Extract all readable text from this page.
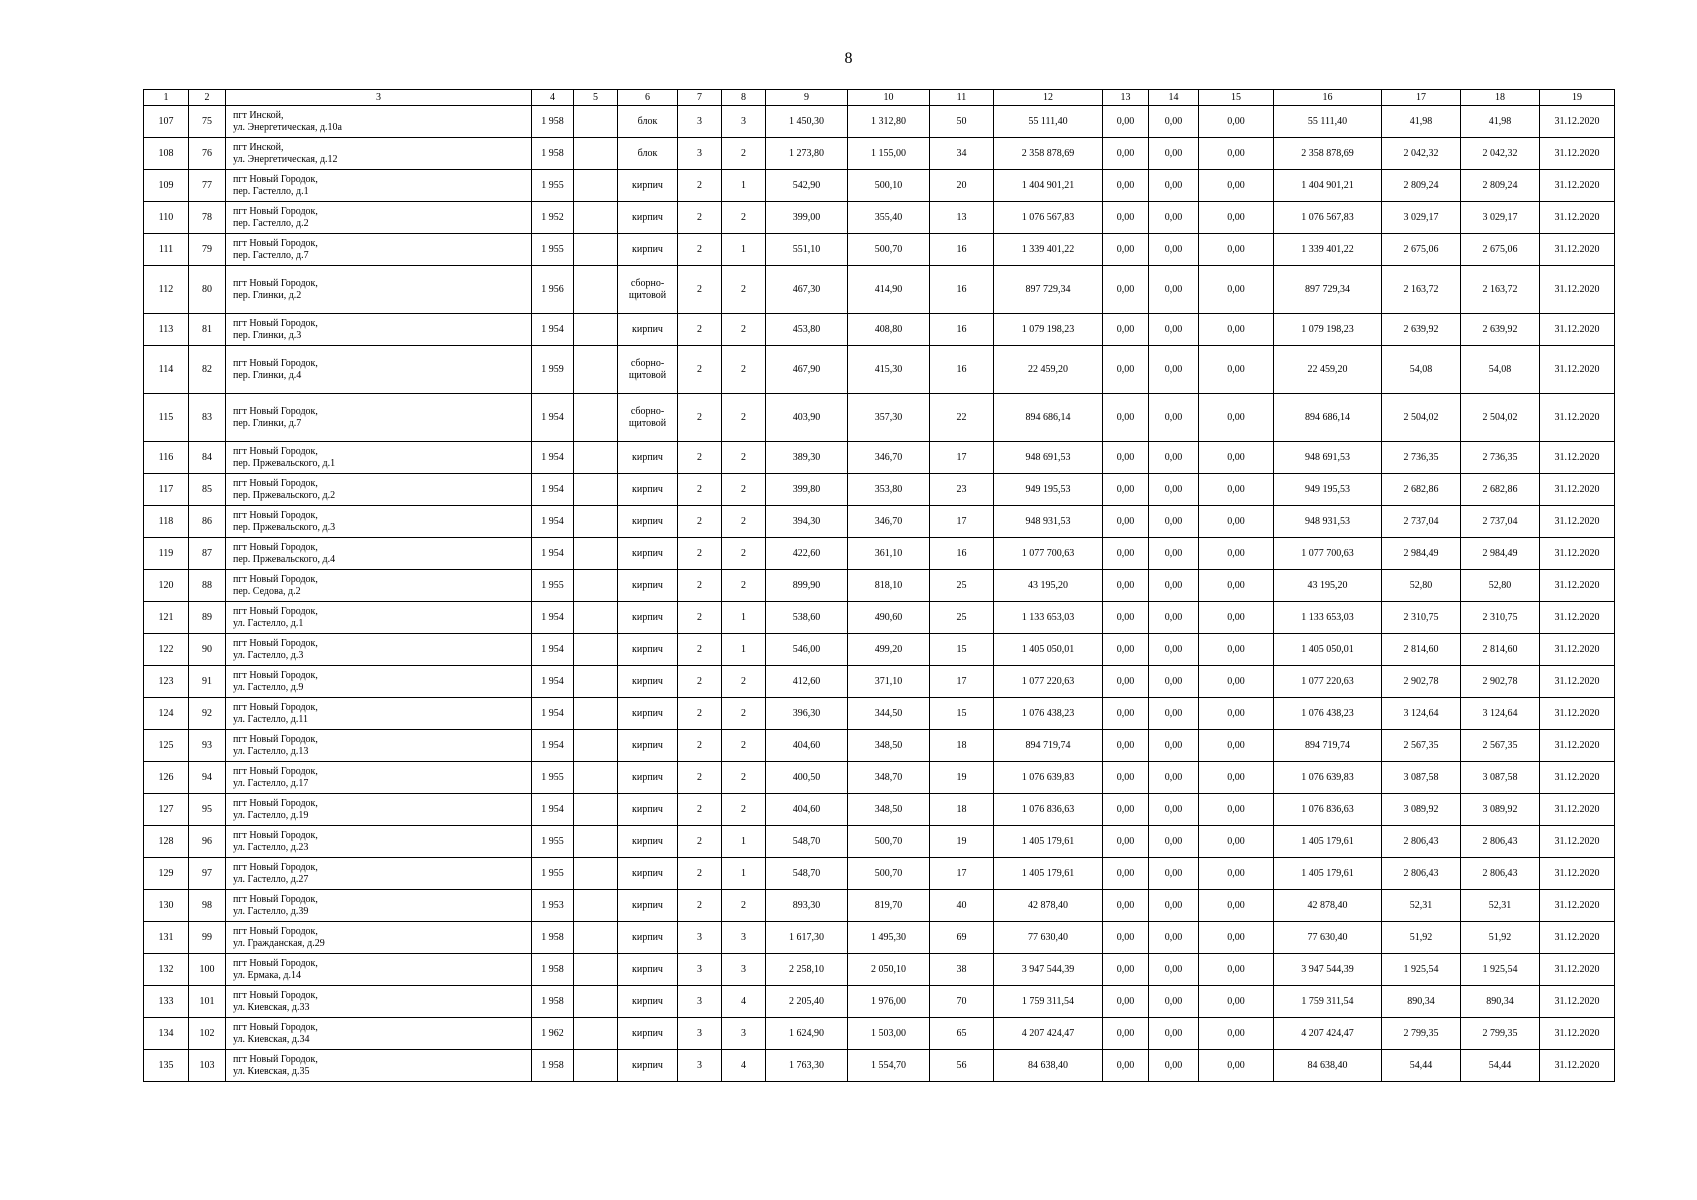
8
1	2	3	4	5	6	7	8	9	10	11	12	13	14	15	16	17	18	19
107	75	пгт Инской,
ул. Энергетическая, д.10а	1 958		блок	3	3	1 450,30	1 312,80	50	55 111,40	0,00	0,00	0,00	55 111,40	41,98	41,98	31.12.2020
108	76	пгт Инской,
ул. Энергетическая, д.12	1 958		блок	3	2	1 273,80	1 155,00	34	2 358 878,69	0,00	0,00	0,00	2 358 878,69	2 042,32	2 042,32	31.12.2020
109	77	пгт Новый Городок,
пер. Гастелло, д.1	1 955		кирпич	2	1	542,90	500,10	20	1 404 901,21	0,00	0,00	0,00	1 404 901,21	2 809,24	2 809,24	31.12.2020
110	78	пгт Новый Городок,
пер. Гастелло, д.2	1 952		кирпич	2	2	399,00	355,40	13	1 076 567,83	0,00	0,00	0,00	1 076 567,83	3 029,17	3 029,17	31.12.2020
111	79	пгт Новый Городок,
пер. Гастелло, д.7	1 955		кирпич	2	1	551,10	500,70	16	1 339 401,22	0,00	0,00	0,00	1 339 401,22	2 675,06	2 675,06	31.12.2020
112	80	пгт Новый Городок,
пер. Глинки, д.2	1 956		сборно-
щитовой	2	2	467,30	414,90	16	897 729,34	0,00	0,00	0,00	897 729,34	2 163,72	2 163,72	31.12.2020
113	81	пгт Новый Городок,
пер. Глинки, д.3	1 954		кирпич	2	2	453,80	408,80	16	1 079 198,23	0,00	0,00	0,00	1 079 198,23	2 639,92	2 639,92	31.12.2020
114	82	пгт Новый Городок,
пер. Глинки, д.4	1 959		сборно-
щитовой	2	2	467,90	415,30	16	22 459,20	0,00	0,00	0,00	22 459,20	54,08	54,08	31.12.2020
115	83	пгт Новый Городок,
пер. Глинки, д.7	1 954		сборно-
щитовой	2	2	403,90	357,30	22	894 686,14	0,00	0,00	0,00	894 686,14	2 504,02	2 504,02	31.12.2020
116	84	пгт Новый Городок,
пер. Пржевальского, д.1	1 954		кирпич	2	2	389,30	346,70	17	948 691,53	0,00	0,00	0,00	948 691,53	2 736,35	2 736,35	31.12.2020
117	85	пгт Новый Городок,
пер. Пржевальского, д.2	1 954		кирпич	2	2	399,80	353,80	23	949 195,53	0,00	0,00	0,00	949 195,53	2 682,86	2 682,86	31.12.2020
118	86	пгт Новый Городок,
пер. Пржевальского, д.3	1 954		кирпич	2	2	394,30	346,70	17	948 931,53	0,00	0,00	0,00	948 931,53	2 737,04	2 737,04	31.12.2020
119	87	пгт Новый Городок,
пер. Пржевальского, д.4	1 954		кирпич	2	2	422,60	361,10	16	1 077 700,63	0,00	0,00	0,00	1 077 700,63	2 984,49	2 984,49	31.12.2020
120	88	пгт Новый Городок,
пер. Седова, д.2	1 955		кирпич	2	2	899,90	818,10	25	43 195,20	0,00	0,00	0,00	43 195,20	52,80	52,80	31.12.2020
121	89	пгт Новый Городок,
ул. Гастелло, д.1	1 954		кирпич	2	1	538,60	490,60	25	1 133 653,03	0,00	0,00	0,00	1 133 653,03	2 310,75	2 310,75	31.12.2020
122	90	пгт Новый Городок,
ул. Гастелло, д.3	1 954		кирпич	2	1	546,00	499,20	15	1 405 050,01	0,00	0,00	0,00	1 405 050,01	2 814,60	2 814,60	31.12.2020
123	91	пгт Новый Городок,
ул. Гастелло, д.9	1 954		кирпич	2	2	412,60	371,10	17	1 077 220,63	0,00	0,00	0,00	1 077 220,63	2 902,78	2 902,78	31.12.2020
124	92	пгт Новый Городок,
ул. Гастелло, д.11	1 954		кирпич	2	2	396,30	344,50	15	1 076 438,23	0,00	0,00	0,00	1 076 438,23	3 124,64	3 124,64	31.12.2020
125	93	пгт Новый Городок,
ул. Гастелло, д.13	1 954		кирпич	2	2	404,60	348,50	18	894 719,74	0,00	0,00	0,00	894 719,74	2 567,35	2 567,35	31.12.2020
126	94	пгт Новый Городок,
ул. Гастелло, д.17	1 955		кирпич	2	2	400,50	348,70	19	1 076 639,83	0,00	0,00	0,00	1 076 639,83	3 087,58	3 087,58	31.12.2020
127	95	пгт Новый Городок,
ул. Гастелло, д.19	1 954		кирпич	2	2	404,60	348,50	18	1 076 836,63	0,00	0,00	0,00	1 076 836,63	3 089,92	3 089,92	31.12.2020
128	96	пгт Новый Городок,
ул. Гастелло, д.23	1 955		кирпич	2	1	548,70	500,70	19	1 405 179,61	0,00	0,00	0,00	1 405 179,61	2 806,43	2 806,43	31.12.2020
129	97	пгт Новый Городок,
ул. Гастелло, д.27	1 955		кирпич	2	1	548,70	500,70	17	1 405 179,61	0,00	0,00	0,00	1 405 179,61	2 806,43	2 806,43	31.12.2020
130	98	пгт Новый Городок,
ул. Гастелло, д.39	1 953		кирпич	2	2	893,30	819,70	40	42 878,40	0,00	0,00	0,00	42 878,40	52,31	52,31	31.12.2020
131	99	пгт Новый Городок,
ул. Гражданская, д.29	1 958		кирпич	3	3	1 617,30	1 495,30	69	77 630,40	0,00	0,00	0,00	77 630,40	51,92	51,92	31.12.2020
132	100	пгт Новый Городок,
ул. Ермака, д.14	1 958		кирпич	3	3	2 258,10	2 050,10	38	3 947 544,39	0,00	0,00	0,00	3 947 544,39	1 925,54	1 925,54	31.12.2020
133	101	пгт Новый Городок,
ул. Киевская, д.33	1 958		кирпич	3	4	2 205,40	1 976,00	70	1 759 311,54	0,00	0,00	0,00	1 759 311,54	890,34	890,34	31.12.2020
134	102	пгт Новый Городок,
ул. Киевская, д.34	1 962		кирпич	3	3	1 624,90	1 503,00	65	4 207 424,47	0,00	0,00	0,00	4 207 424,47	2 799,35	2 799,35	31.12.2020
135	103	пгт Новый Городок,
ул. Киевская, д.35	1 958		кирпич	3	4	1 763,30	1 554,70	56	84 638,40	0,00	0,00	0,00	84 638,40	54,44	54,44	31.12.2020
